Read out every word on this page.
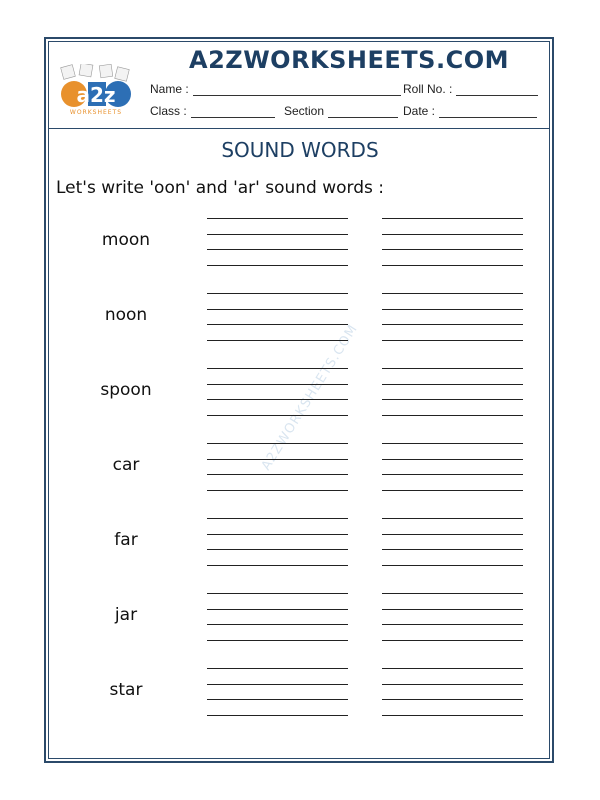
a2z
WORKSHEETS
A2ZWORKSHEETS.COM
Name :	Roll No. :
Class :	Section	Date :
SOUND WORDS
Let's write 'oon' and 'ar' sound words :
A2ZWORKSHEETS.COM
moon
noon
spoon
car
far
jar
star
